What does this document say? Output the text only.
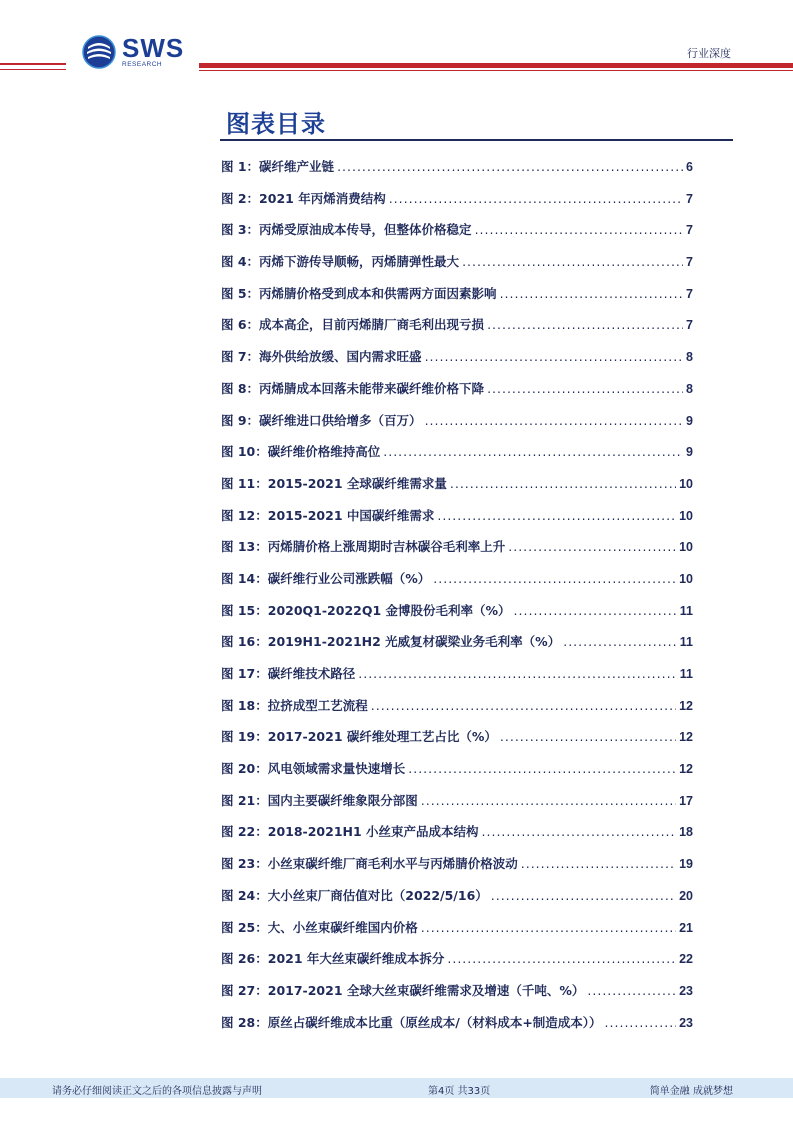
SWS
RESEARCH
行业深度
图表目录
图 1：碳纤维产业链 .....	6
图 2：2021 年丙烯消费结构 .....	7
图 3：丙烯受原油成本传导，但整体价格稳定 .....	7
图 4：丙烯下游传导顺畅，丙烯腈弹性最大 .....	7
图 5：丙烯腈价格受到成本和供需两方面因素影响 .....	7
图 6：成本高企，目前丙烯腈厂商毛利出现亏损 .....	7
图 7：海外供给放缓、国内需求旺盛 .....	8
图 8：丙烯腈成本回落未能带来碳纤维价格下降 .....	8
图 9：碳纤维进口供给增多（百万） .....	9
图 10：碳纤维价格维持高位 .....	9
图 11：2015-2021 全球碳纤维需求量 .....	10
图 12：2015-2021 中国碳纤维需求 .....	10
图 13：丙烯腈价格上涨周期时吉林碳谷毛利率上升 .....	10
图 14：碳纤维行业公司涨跌幅（%） .....	10
图 15：2020Q1-2022Q1 金博股份毛利率（%） .....	11
图 16：2019H1-2021H2 光威复材碳梁业务毛利率（%） .....	11
图 17：碳纤维技术路径 .....	11
图 18：拉挤成型工艺流程 .....	12
图 19：2017-2021 碳纤维处理工艺占比（%） .....	12
图 20：风电领域需求量快速增长 .....	12
图 21：国内主要碳纤维象限分部图 .....	17
图 22：2018-2021H1 小丝束产品成本结构 .....	18
图 23：小丝束碳纤维厂商毛利水平与丙烯腈价格波动 .....	19
图 24：大小丝束厂商估值对比（2022/5/16） .....	20
图 25：大、小丝束碳纤维国内价格 .....	21
图 26：2021 年大丝束碳纤维成本拆分 .....	22
图 27：2017-2021 全球大丝束碳纤维需求及增速（千吨、%） .....	23
图 28：原丝占碳纤维成本比重（原丝成本/（材料成本+制造成本）） .....	23
请务必仔细阅读正文之后的各项信息披露与声明	第4页 共33页	简单金融 成就梦想
